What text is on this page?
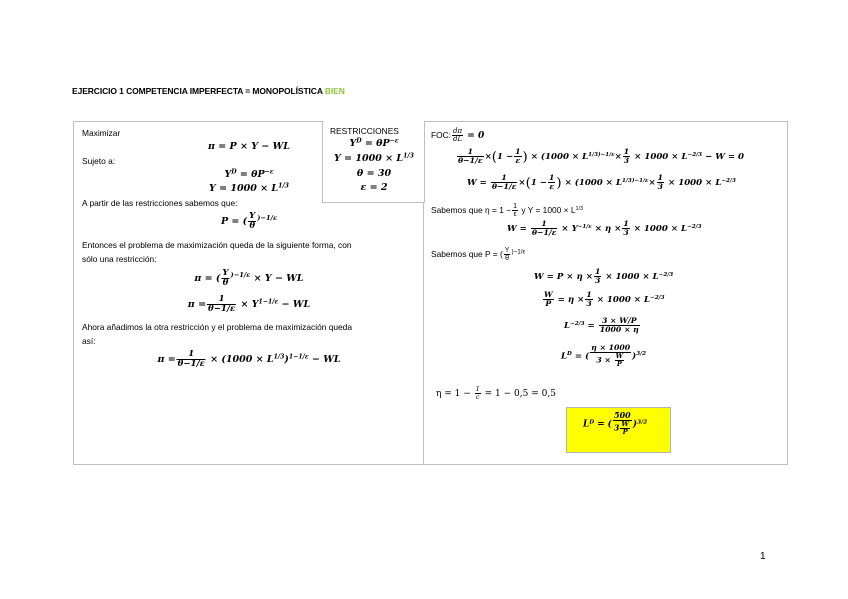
EJERCICIO 1 COMPETENCIA IMPERFECTA = MONOPOLÍSTICA BIEN
Maximizar
π = P × Y − WL
Sujeto a:
$Y^D = \theta P^{-\varepsilon}$
$Y = 1000 \times L^{1/3}$
A partir de las restricciones sabemos que:
P = ( $\frac{Y}{\theta} ^{)-1/\varepsilon}$
Entonces el problema de maximización queda de la siguiente forma, con
sólo una restricción:
π = ( $\frac{Y}{\theta} ^{)-1/\varepsilon} \times Y$ − WL
$\pi = \frac{1}{\theta-1/\varepsilon} \times Y^{1-1/\varepsilon}$ − WL
Ahora añadimos la otra restricción y el problema de maximización queda
así:
$\pi = \frac{1}{\theta-1/\varepsilon} \times (1000 \times L^{1/3})^{1-1/\varepsilon}$ − WL
RESTRICCIONES
$Y^D = \theta P^{-\varepsilon}$
$Y = 1000 \times L^{1/3}$
θ = 30
ε = 2
FOC: $\frac{d\pi}{dL} = 0$
$\frac{1}{\theta-1/\varepsilon} \times(1 - \frac{1}{\varepsilon}$ ) × ($1000 \times L^{1/3)-1/\varepsilon}\times \frac{1}{3} \times 1000 \times L^{-2/3} - W = 0$
$W = \frac{1}{\theta-1/\varepsilon} \times(1 - \frac{1}{\varepsilon}$ ) × ($1000 \times L^{1/3)-1/\varepsilon}\times \frac{1}{3} \times 1000 \times L^{-2/3}$
Sabemos que $\eta = 1 - \frac{1}{\varepsilon}$ y $Y = 1000 \times L^{1/3}$
$W = \frac{1}{\theta-1/\varepsilon} \times Y^{-1/\varepsilon} \times \eta \times \frac{1}{3} \times 1000 \times L^{-2/3}$
Sabemos que P = ( $\frac{Y}{\theta} ^{)-1/\varepsilon}$
$W = P \times \eta \times \frac{1}{3} \times 1000 \times L^{-2/3}$
$\frac{W}{P} = \eta \times \frac{1}{3} \times 1000 \times L^{-2/3}$
$L^{-2/3} = \frac{3 \times W/P}{1000 \times \eta}$
$L^D$ = ( $\frac{\eta \times 1000}{3 \times \frac{W}{P}} )^{3/2}$
$\eta = 1 - \frac{1}{c} = 1 - 0,5 = 0,5$
$L^D$ = ( $\frac{500}{3 \frac{W}{P}} )^{3/2}$
1
